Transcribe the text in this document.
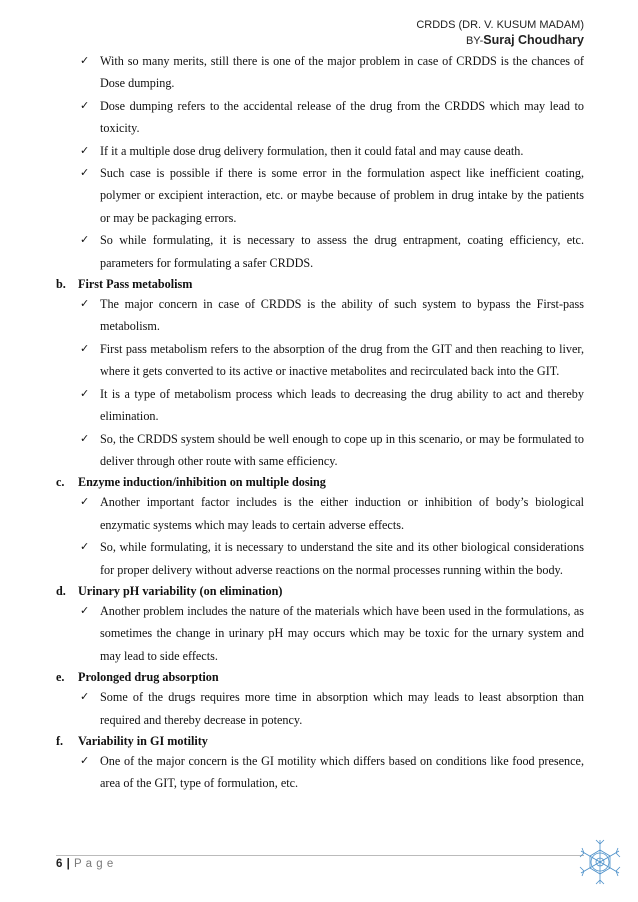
CRDDS (DR. V. KUSUM MADAM)
BY-Suraj Choudhary
✓ With so many merits, still there is one of the major problem in case of CRDDS is the chances of Dose dumping.
✓ Dose dumping refers to the accidental release of the drug from the CRDDS which may lead to toxicity.
✓ If it a multiple dose drug delivery formulation, then it could fatal and may cause death.
✓ Such case is possible if there is some error in the formulation aspect like inefficient coating, polymer or excipient interaction, etc. or maybe because of problem in drug intake by the patients or may be packaging errors.
✓ So while formulating, it is necessary to assess the drug entrapment, coating efficiency, etc. parameters for formulating a safer CRDDS.
b. First Pass metabolism
✓ The major concern in case of CRDDS is the ability of such system to bypass the First-pass metabolism.
✓ First pass metabolism refers to the absorption of the drug from the GIT and then reaching to liver, where it gets converted to its active or inactive metabolites and recirculated back into the GIT.
✓ It is a type of metabolism process which leads to decreasing the drug ability to act and thereby elimination.
✓ So, the CRDDS system should be well enough to cope up in this scenario, or may be formulated to deliver through other route with same efficiency.
c. Enzyme induction/inhibition on multiple dosing
✓ Another important factor includes is the either induction or inhibition of body’s biological enzymatic systems which may leads to certain adverse effects.
✓ So, while formulating, it is necessary to understand the site and its other biological considerations for proper delivery without adverse reactions on the normal processes running within the body.
d. Urinary pH variability (on elimination)
✓ Another problem includes the nature of the materials which have been used in the formulations, as sometimes the change in urinary pH may occurs which may be toxic for the urnary system and may lead to side effects.
e. Prolonged drug absorption
✓ Some of the drugs requires more time in absorption which may leads to least absorption than required and thereby decrease in potency.
f. Variability in GI motility
✓ One of the major concern is the GI motility which differs based on conditions like food presence, area of the GIT, type of formulation, etc.
6 | P a g e
